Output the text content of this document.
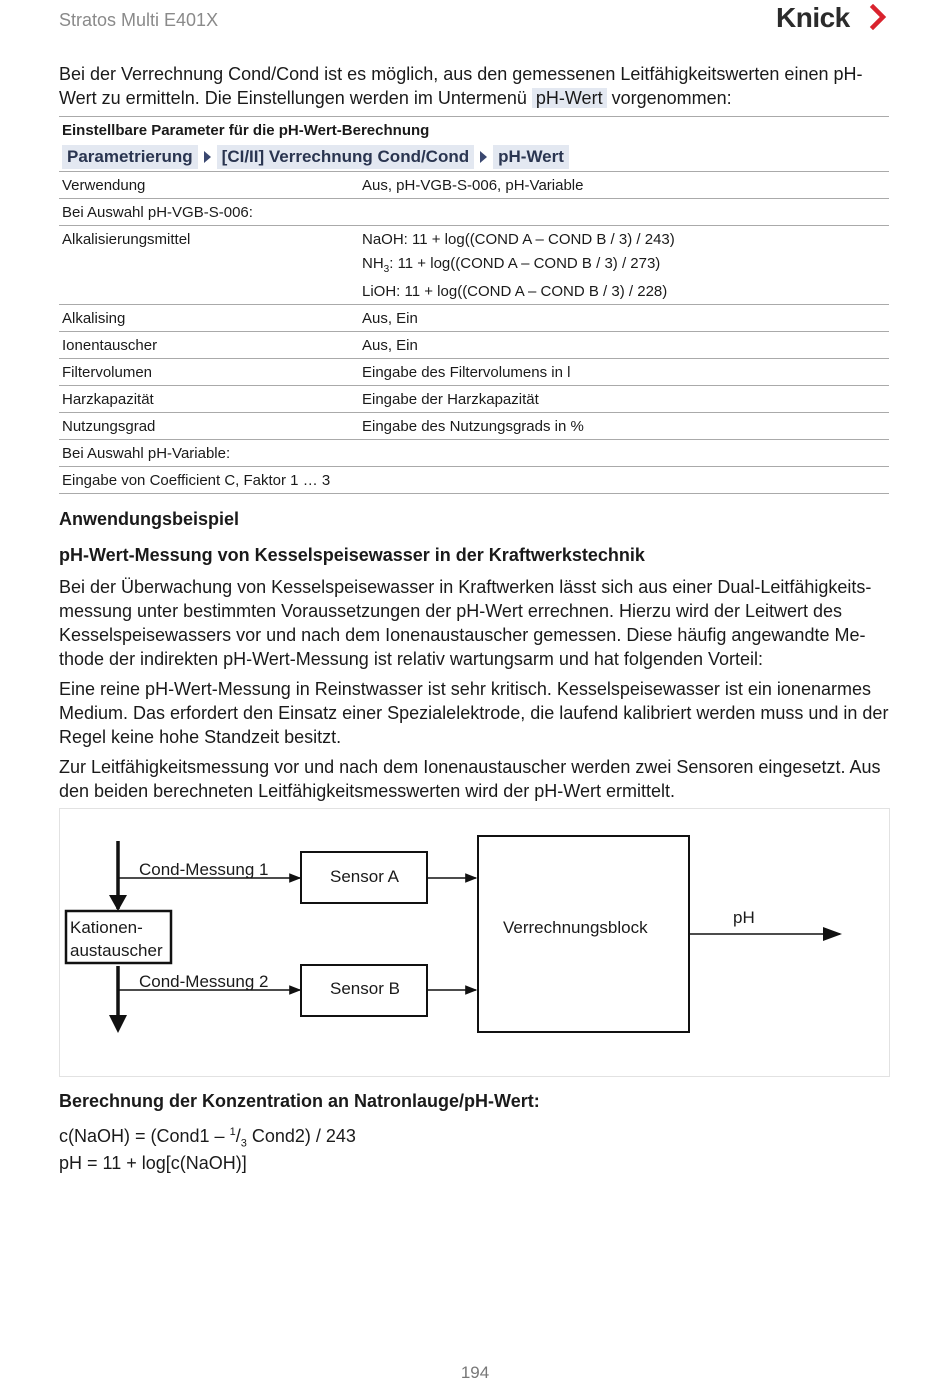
Stratos Multi E401X	Knick
Bei der Verrechnung Cond/Cond ist es möglich, aus den gemessenen Leitfähigkeitswerten einen pH-Wert zu ermitteln. Die Einstellungen werden im Untermenü pH-Wert vorgenommen:
Einstellbare Parameter für die pH-Wert-Berechnung	

Parametrierung [CI/II] Verrechnung Cond/Cond pH-Wert	

Verwendung	Aus, pH-VGB-S-006, pH-Variable
Bei Auswahl pH-VGB-S-006:	
Alkalisierungsmittel	NaOH: 11 + log((COND A – COND B / 3) / 243)
	$NH_3$: 11 + log((COND A – COND B / 3) / 273)
	LiOH: 11 + log((COND A – COND B / 3) / 228)
Alkalising	Aus, Ein
Ionentauscher	Aus, Ein
Filtervolumen	Eingabe des Filtervolumens in l
Harzkapazität	Eingabe der Harzkapazität
Nutzungsgrad	Eingabe des Nutzungsgrads in %
Bei Auswahl pH-Variable:	
Eingabe von Coefficient C, Faktor 1 … 3	
Anwendungsbeispiel
pH-Wert-Messung von Kesselspeisewasser in der Kraftwerkstechnik
Bei der Überwachung von Kesselspeisewasser in Kraftwerken lässt sich aus einer Dual-Leitfähigkeits-messung unter bestimmten Voraussetzungen der pH-Wert errechnen. Hierzu wird der Leitwert des Kesselspeisewassers vor und nach dem Ionenaustauscher gemessen. Diese häufig angewandte Me-thode der indirekten pH-Wert-Messung ist relativ wartungsarm und hat folgenden Vorteil:
Eine reine pH-Wert-Messung in Reinstwasser ist sehr kritisch. Kesselspeisewasser ist ein ionenarmes Medium. Das erfordert den Einsatz einer Spezialelektrode, die laufend kalibriert werden muss und in der Regel keine hohe Standzeit besitzt.
Zur Leitfähigkeitsmessung vor und nach dem Ionenaustauscher werden zwei Sensoren eingesetzt. Aus den beiden berechneten Leitfähigkeitsmesswerten wird der pH-Wert ermittelt.
Kationen-
austauscher
Cond-Messung 1
Cond-Messung 2
Sensor A
Sensor B
Verrechnungsblock
pH
Berechnung der Konzentration an Natronlauge/pH-Wert:
c(NaOH) = (Cond1 – $^1/_3$ Cond2) / 243
pH = 11 + log[c(NaOH)]
194
